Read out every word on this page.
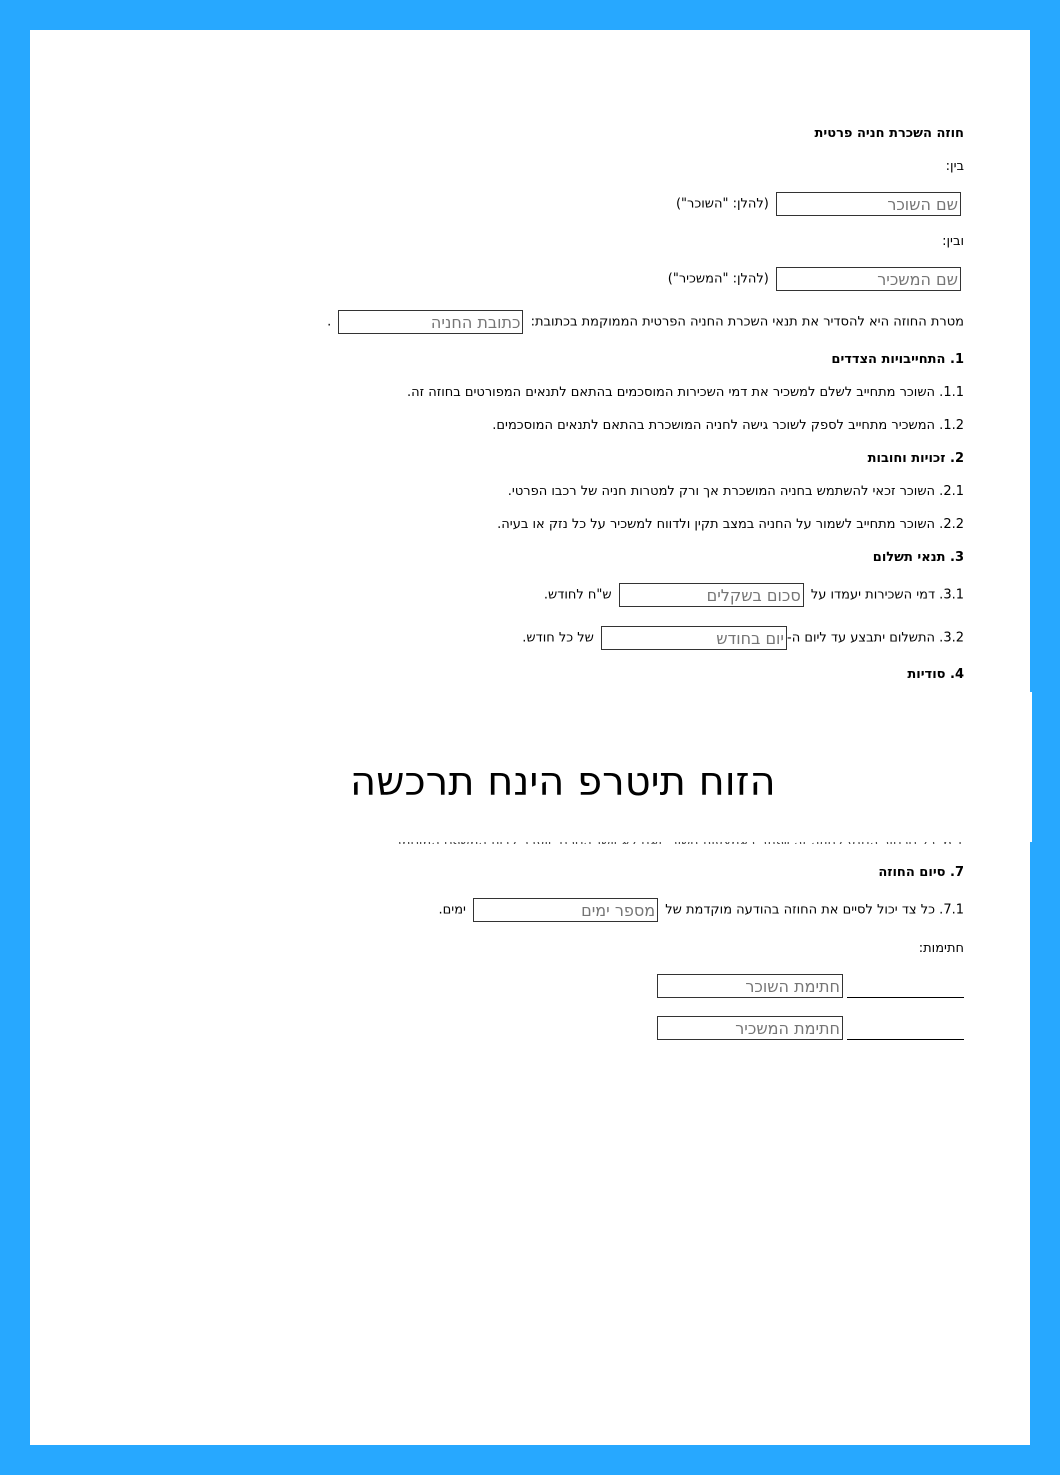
חוזה השכרת חניה פרטית
בין:
שם השוכר (להלן: "השוכר")
ובין:
שם המשכיר (להלן: "המשכיר")
מטרת החוזה היא להסדיר את תנאי השכרת החניה הפרטית הממוקמת בכתובת: כתובת החניה .
1. התחייבויות הצדדים
1.1. השוכר מתחייב לשלם למשכיר את דמי השכירות המוסכמים בהתאם לתנאים המפורטים בחוזה זה.
1.2. המשכיר מתחייב לספק לשוכר גישה לחניה המושכרת בהתאם לתנאים המוסכמים.
2. זכויות וחובות
2.1. השוכר זכאי להשתמש בחניה המושכרת אך ורק למטרות חניה של רכבו הפרטי.
2.2. השוכר מתחייב לשמור על החניה במצב תקין ולדווח למשכיר על כל נזק או בעיה.
3. תנאי תשלום
3.1. דמי השכירות יעמדו על סכום בשקלים ש"ח לחודש.
3.2. התשלום יתבצע עד ליום ה-יום בחודש של כל חודש.
4. סודיות
7. סיום החוזה
7.1. כל צד יכול לסיים את החוזה בהודעה מוקדמת של מספר ימים ימים.
חתימות:
חתימת השוכר
חתימת המשכיר
הזוח תיטרפ הינח תרכשה
